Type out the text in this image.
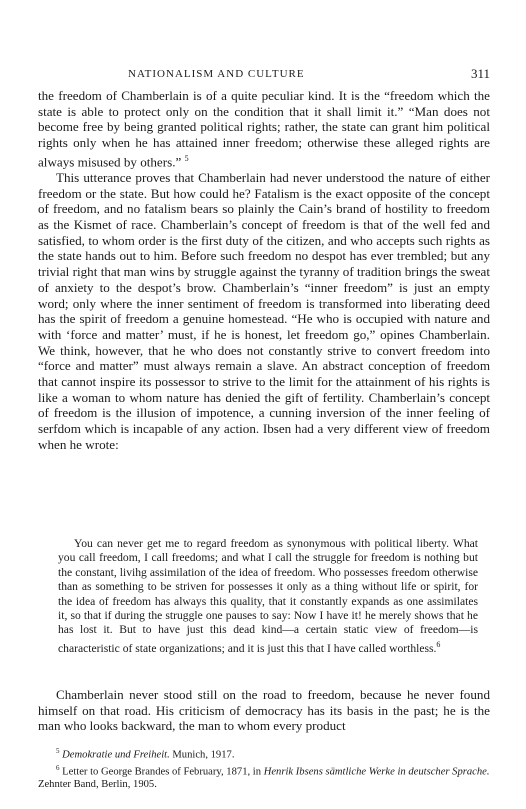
NATIONALISM AND CULTURE	311

the freedom of Chamberlain is of a quite peculiar kind. It is the “freedom which the state is able to protect only on the condition that it shall limit it.” “Man does not become free by being granted political rights; rather, the state can grant him political rights only when he has attained inner freedom; otherwise these alleged rights are always misused by others.” $^5$

This utterance proves that Chamberlain had never understood the nature of either freedom or the state. But how could he? Fatalism is the exact opposite of the concept of freedom, and no fatalism bears so plainly the Cain’s brand of hostility to freedom as the Kismet of race. Chamberlain’s concept of freedom is that of the well fed and satisfied, to whom order is the first duty of the citizen, and who accepts such rights as the state hands out to him. Before such freedom no despot has ever trembled; but any trivial right that man wins by struggle against the tyranny of tradition brings the sweat of anxiety to the despot’s brow. Chamberlain’s “inner freedom” is just an empty word; only where the inner sentiment of freedom is transformed into liberating deed has the spirit of freedom a genuine homestead. “He who is occupied with nature and with ‘force and matter’ must, if he is honest, let freedom go,” opines Chamberlain. We think, however, that he who does not constantly strive to convert freedom into “force and matter” must always remain a slave. An abstract conception of freedom that cannot inspire its possessor to strive to the limit for the attainment of his rights is like a woman to whom nature has denied the gift of fertility. Chamberlain’s concept of freedom is the illusion of impotence, a cunning inversion of the inner feeling of serfdom which is incapable of any action. Ibsen had a very different view of freedom when he wrote:

You can never get me to regard freedom as synonymous with political liberty. What you call freedom, I call freedoms; and what I call the struggle for freedom is nothing but the constant, livihg assimilation of the idea of freedom. Who possesses freedom otherwise than as something to be striven for possesses it only as a thing without life or spirit, for the idea of freedom has always this quality, that it constantly expands as one assimilates it, so that if during the struggle one pauses to say: Now I have it! he merely shows that he has lost it. But to have just this dead kind—a certain static view of freedom—is characteristic of state organizations; and it is just this that I have called worthless.$^6$

Chamberlain never stood still on the road to freedom, because he never found himself on that road. His criticism of democracy has its basis in the past; he is the man who looks backward, the man to whom every product

$^5$ Demokratie und Freiheit. Munich, 1917.

$^6$ Letter to George Brandes of February, 1871, in Henrik Ibsens sämtliche Werke in deutscher Sprache. Zehnter Band, Berlin, 1905.
